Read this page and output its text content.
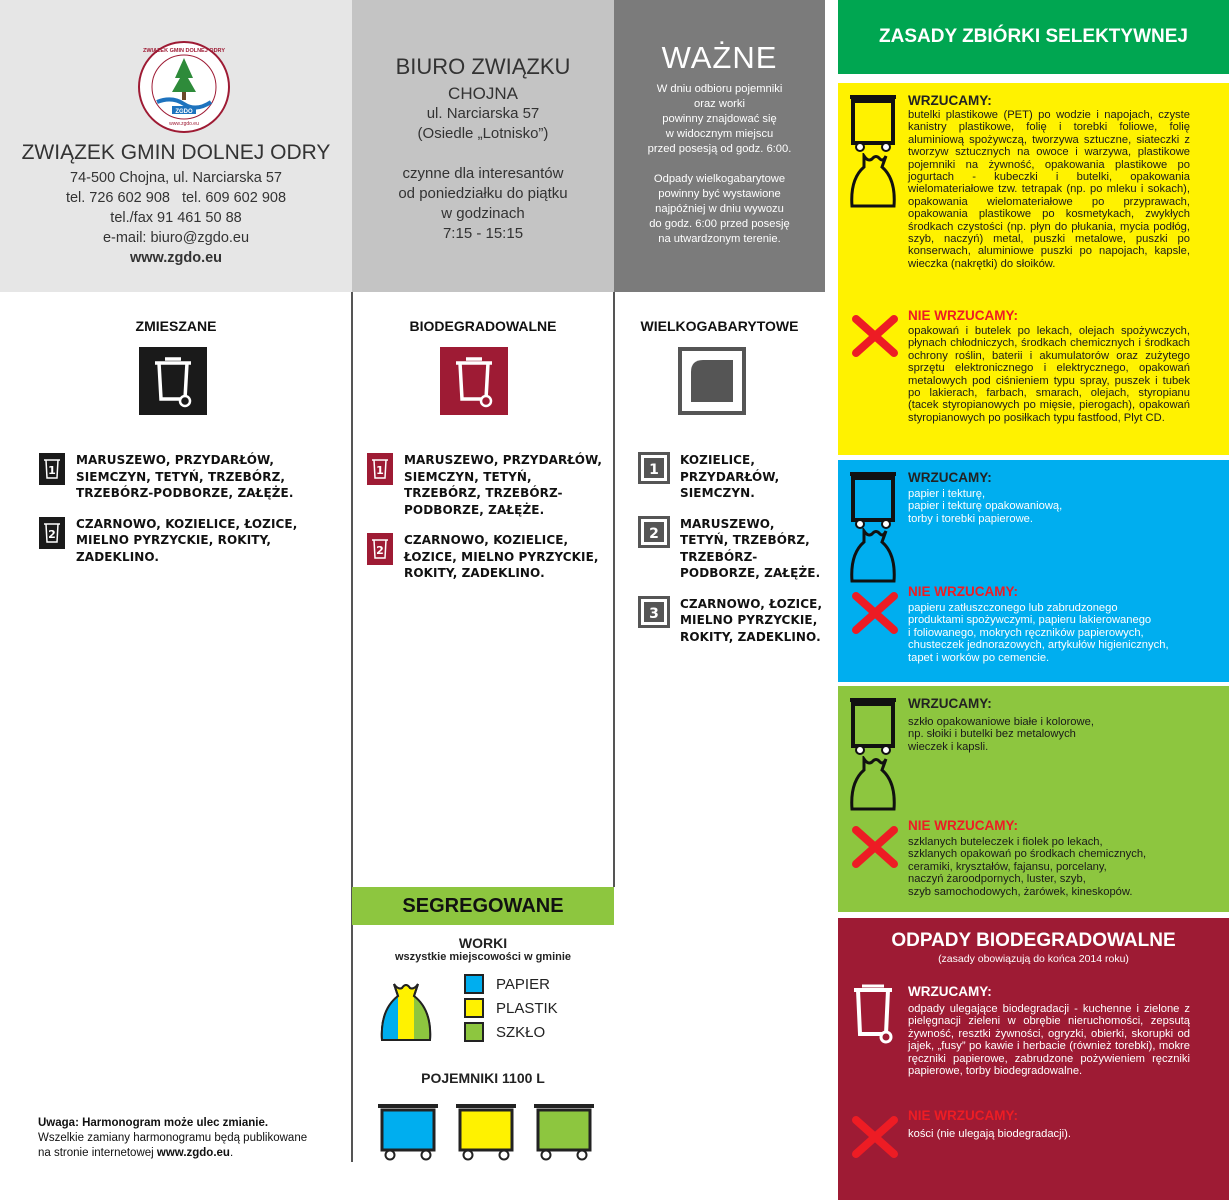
ZGDO
www.zgdo.eu
ZWIĄZEK GMIN DOLNEJ ODRY
ZWIĄZEK GMIN DOLNEJ ODRY
74-500 Chojna, ul. Narciarska 57
tel. 726 602 908   tel. 609 602 908
tel./fax 91 461 50 88
e-mail: biuro@zgdo.eu
www.zgdo.eu
BIURO ZWIĄZKU
CHOJNA
ul. Narciarska 57
(Osiedle „Lotnisko”)
czynne dla interesantów
od poniedziałku do piątku
w godzinach
7:15 - 15:15
WAŻNE
W dniu odbioru pojemniki
oraz worki
powinny znajdować się
w widocznym miejscu
przed posesją od godz. 6:00.
Odpady wielkogabarytowe
powinny być wystawione
najpóźniej w dniu wywozu
do godz. 6:00 przed posesję
na utwardzonym terenie.
ZMIESZANE
1
MARUSZEWO, PRZYDARŁÓW, SIEMCZYN, TETYŃ, TRZEBÓRZ, TRZEBÓRZ-PODBORZE, ZAŁĘŻE.
2
CZARNOWO, KOZIELICE, ŁOZICE, MIELNO PYRZYCKIE, ROKITY, ZADEKLINO.
BIODEGRADOWALNE
1
MARUSZEWO, PRZYDARŁÓW, SIEMCZYN, TETYŃ, TRZEBÓRZ, TRZEBÓRZ-PODBORZE, ZAŁĘŻE.
2
CZARNOWO, KOZIELICE, ŁOZICE, MIELNO PYRZYCKIE, ROKITY, ZADEKLINO.
WIELKOGABARYTOWE
1
KOZIELICE, PRZYDARŁÓW, SIEMCZYN.
2
MARUSZEWO, TETYŃ, TRZEBÓRZ, TRZEBÓRZ-PODBORZE, ZAŁĘŻE.
3
CZARNOWO, ŁOZICE, MIELNO PYRZYCKIE, ROKITY, ZADEKLINO.
SEGREGOWANE
WORKI
wszystkie miejscowości w gminie
PAPIER
PLASTIK
SZKŁO
POJEMNIKI 1100 L
Uwaga: Harmonogram może ulec zmianie.
Wszelkie zamiany harmonogramu będą publikowane
na stronie internetowej www.zgdo.eu.
ZASADY ZBIÓRKI SELEKTYWNEJ
WRZUCAMY:
butelki plastikowe (PET) po wodzie i napojach, czyste kanistry plastikowe, folię i torebki foliowe, folię aluminiową spożywczą, tworzywa sztuczne, siateczki z tworzyw sztucznych na owoce i warzywa, plastikowe pojemniki na żywność, opakowania plastikowe po jogurtach - kubeczki i butelki, opakowania wielomateriałowe tzw. tetrapak (np. po mleku i sokach), opakowania wielomateriałowe po przyprawach, opakowania plastikowe po kosmetykach, zwykłych środkach czystości (np. płyn do płukania, mycia podłóg, szyb, naczyń) metal, puszki metalowe, puszki po konserwach, aluminiowe puszki po napojach, kapsle, wieczka (nakrętki) do słoików.
NIE WRZUCAMY:
opakowań i butelek po lekach, olejach spożywczych, płynach chłodniczych, środkach chemicznych i środkach ochrony roślin, baterii i akumulatorów oraz zużytego sprzętu elektronicznego i elektrycznego, opakowań metalowych pod ciśnieniem typu spray, puszek i tubek po lakierach, farbach, smarach, olejach, styropianu (tacek styropianowych po mięsie, pierogach), opakowań styropianowych po posiłkach typu fastfood, Plyt CD.
WRZUCAMY:
papier i tekturę,
papier i tekturę opakowaniową,
torby i torebki papierowe.
NIE WRZUCAMY:
papieru zatłuszczonego lub zabrudzonego
produktami spożywczymi, papieru lakierowanego
i foliowanego, mokrych ręczników papierowych,
chusteczek jednorazowych, artykułów higienicznych,
tapet i worków po cemencie.
WRZUCAMY:
szkło opakowaniowe białe i kolorowe,
np. słoiki i butelki bez metalowych
wieczek i kapsli.
NIE WRZUCAMY:
szklanych buteleczek i fiolek po lekach,
szklanych opakowań po środkach chemicznych,
ceramiki, kryształów, fajansu, porcelany,
naczyń żaroodpornych, luster, szyb,
szyb samochodowych, żarówek, kineskopów.
ODPADY BIODEGRADOWALNE
(zasady obowiązują do końca 2014 roku)
WRZUCAMY:
odpady ulegające biodegradacji - kuchenne i zielone z pielęgnacji zieleni w obrębie nieruchomości, zepsutą żywność, resztki żywności, ogryzki, obierki, skorupki od jajek, „fusy” po kawie i herbacie (również torebki), mokre ręczniki papierowe, zabrudzone pożywieniem ręczniki papierowe, torby biodegradowalne.
NIE WRZUCAMY:
kości (nie ulegają biodegradacji).
